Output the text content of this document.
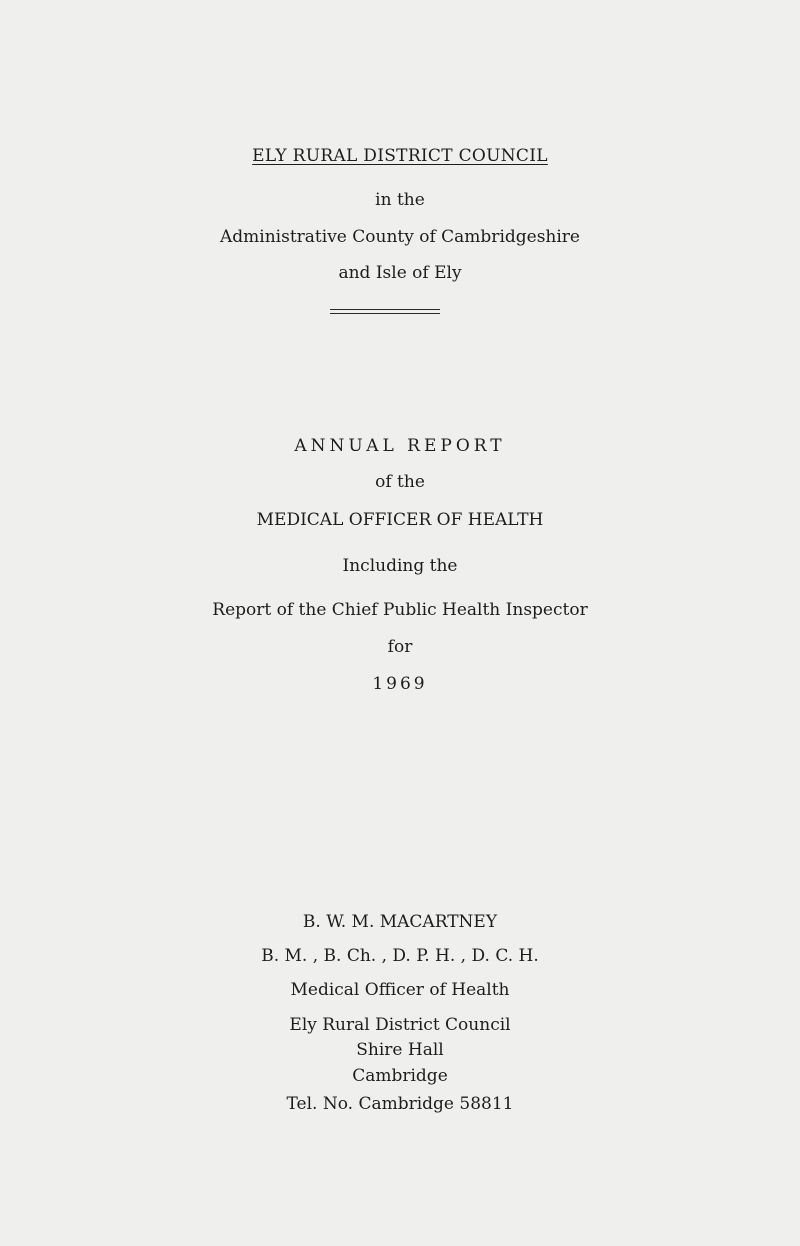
ELY RURAL DISTRICT COUNCIL
in the
Administrative County of Cambridgeshire
and Isle of Ely
ANNUAL REPORT
of the
MEDICAL OFFICER OF HEALTH
Including the
Report of the Chief Public Health Inspector
for
1969
B. W. M. MACARTNEY
B. M. , B. Ch. , D. P. H. , D. C. H.
Medical Officer of Health
Ely Rural District Council
Shire Hall
Cambridge
Tel. No. Cambridge 58811
